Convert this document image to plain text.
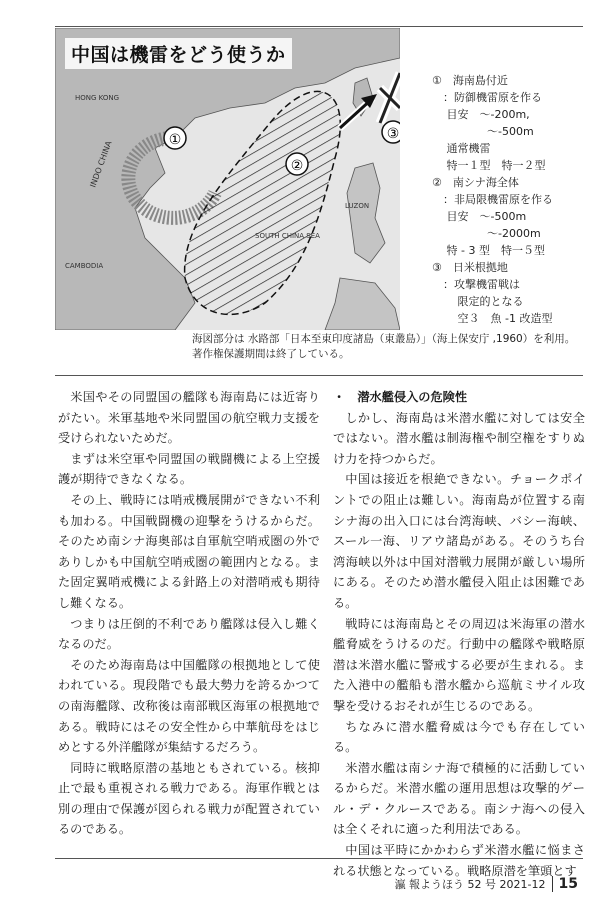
①
②
③
HONG KONG
INDO CHINA
CAMBODIA
LUZON
SOUTH CHINA SEA
中国は機雷をどう使うか
①　海南島付近
　：防御機雷原を作る
　 目安　～-200m,
　　　　　～-500m
　 通常機雷
　 特一１型　特一２型
②　南シナ海全体
　：非局限機雷原を作る
　 目安　～-500m
　　　　　～-2000m
　 特 - 3 型　特一５型
③　日米根拠地
　：攻撃機雷戦は
　　 限定的となる
　　 空３　魚 -1 改造型
海図部分は 水路部「日本至東印度諸島（東叢島）」（海上保安庁 ,1960）を利用。
著作権保護期間は終了している。

米国やその同盟国の艦隊も海南島には近寄りがたい。米軍基地や米同盟国の航空戦力支援を受けられないためだ。

まずは米空軍や同盟国の戦闘機による上空援護が期待できなくなる。

その上、戦時には哨戒機展開ができない不利も加わる。中国戦闘機の迎撃をうけるからだ。そのため南シナ海奥部は自軍航空哨戒圏の外でありしかも中国航空哨戒圏の範囲内となる。また固定翼哨戒機による針路上の対潜哨戒も期待し難くなる。

つまりは圧倒的不利であり艦隊は侵入し難くなるのだ。

そのため海南島は中国艦隊の根拠地として使われている。現段階でも最大勢力を誇るかつての南海艦隊、改称後は南部戦区海軍の根拠地である。戦時にはその安全性から中華航母をはじめとする外洋艦隊が集結するだろう。

同時に戦略原潜の基地ともされている。核抑止で最も重視される戦力である。海軍作戦とは別の理由で保護が図られる戦力が配置されているのである。

・　潜水艦侵入の危険性

しかし、海南島は米潜水艦に対しては安全ではない。潜水艦は制海権や制空権をすりぬけ力を持つからだ。

中国は接近を根絶できない。チョークポイントでの阻止は難しい。海南島が位置する南シナ海の出入口には台湾海峡、バシー海峡、スール一海、リアウ諸島がある。そのうち台湾海峡以外は中国対潜戦力展開が厳しい場所にある。そのため潜水艦侵入阻止は困難である。

戦時には海南島とその周辺は米海軍の潜水艦脅威をうけるのだ。行動中の艦隊や戦略原潜は米潜水艦に警戒する必要が生まれる。また入港中の艦船も潜水艦から巡航ミサイル攻撃を受けるおそれが生じるのである。

ちなみに潜水艦脅威は今でも存在している。

米潜水艦は南シナ海で積極的に活動しているからだ。米潜水艦の運用思想は攻撃的ゲール・デ・クルースである。南シナ海への侵入は全くそれに適った利用法である。

中国は平時にかかわらず米潜水艦に悩まされる状態となっている。戦略原潜を筆頭とす

瀛 報ようほう 52 号 2021-12 15
